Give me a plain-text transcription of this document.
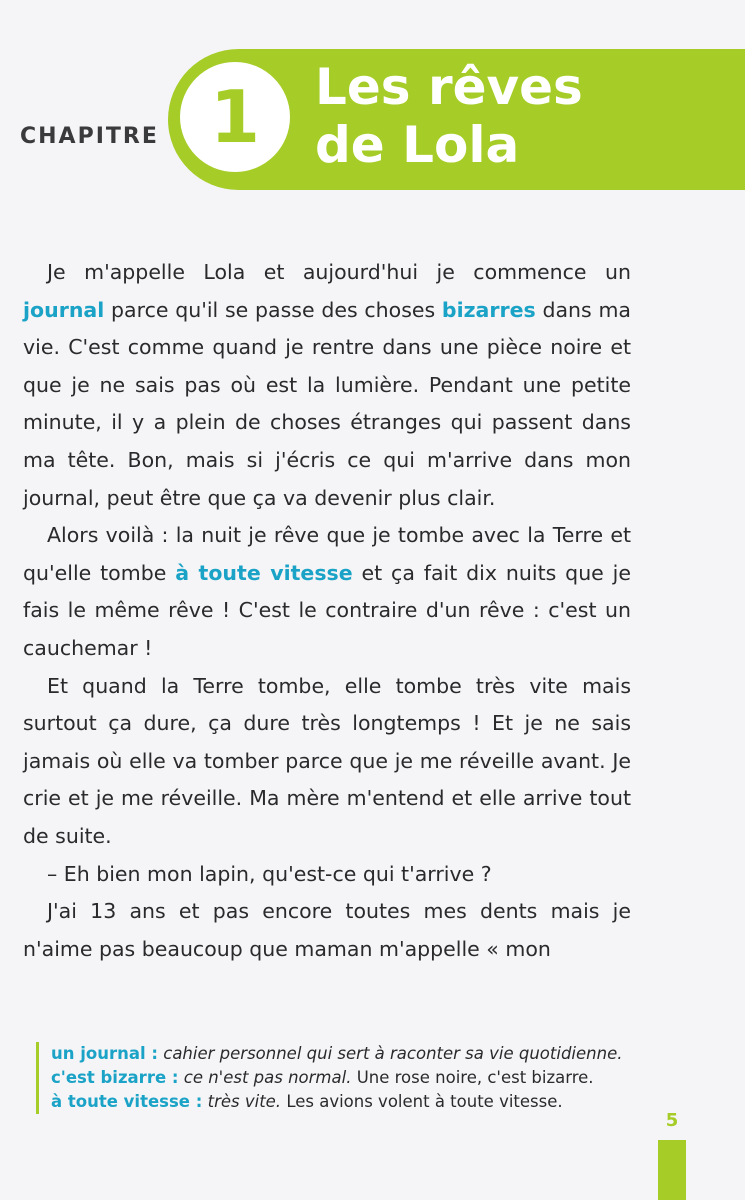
1
CHAPITRE
Les rêves
de Lola

Je m'appelle Lola et aujourd'hui je commence un journal parce qu'il se passe des choses bizarres dans ma vie. C'est comme quand je rentre dans une pièce noire et que je ne sais pas où est la lumière. Pendant une petite minute, il y a plein de choses étranges qui passent dans ma tête. Bon, mais si j'écris ce qui m'arrive dans mon journal, peut être que ça va devenir plus clair.

Alors voilà : la nuit je rêve que je tombe avec la Terre et qu'elle tombe à toute vitesse et ça fait dix nuits que je fais le même rêve ! C'est le contraire d'un rêve : c'est un cauchemar !

Et quand la Terre tombe, elle tombe très vite mais surtout ça dure, ça dure très longtemps ! Et je ne sais jamais où elle va tomber parce que je me réveille avant. Je crie et je me réveille. Ma mère m'entend et elle arrive tout de suite.

– Eh bien mon lapin, qu'est-ce qui t'arrive ?

J'ai 13 ans et pas encore toutes mes dents mais je n'aime pas beaucoup que maman m'appelle « mon

un journal : cahier personnel qui sert à raconter sa vie quotidienne.
c'est bizarre : ce n'est pas normal. Une rose noire, c'est bizarre.
à toute vitesse : très vite. Les avions volent à toute vitesse.
5
